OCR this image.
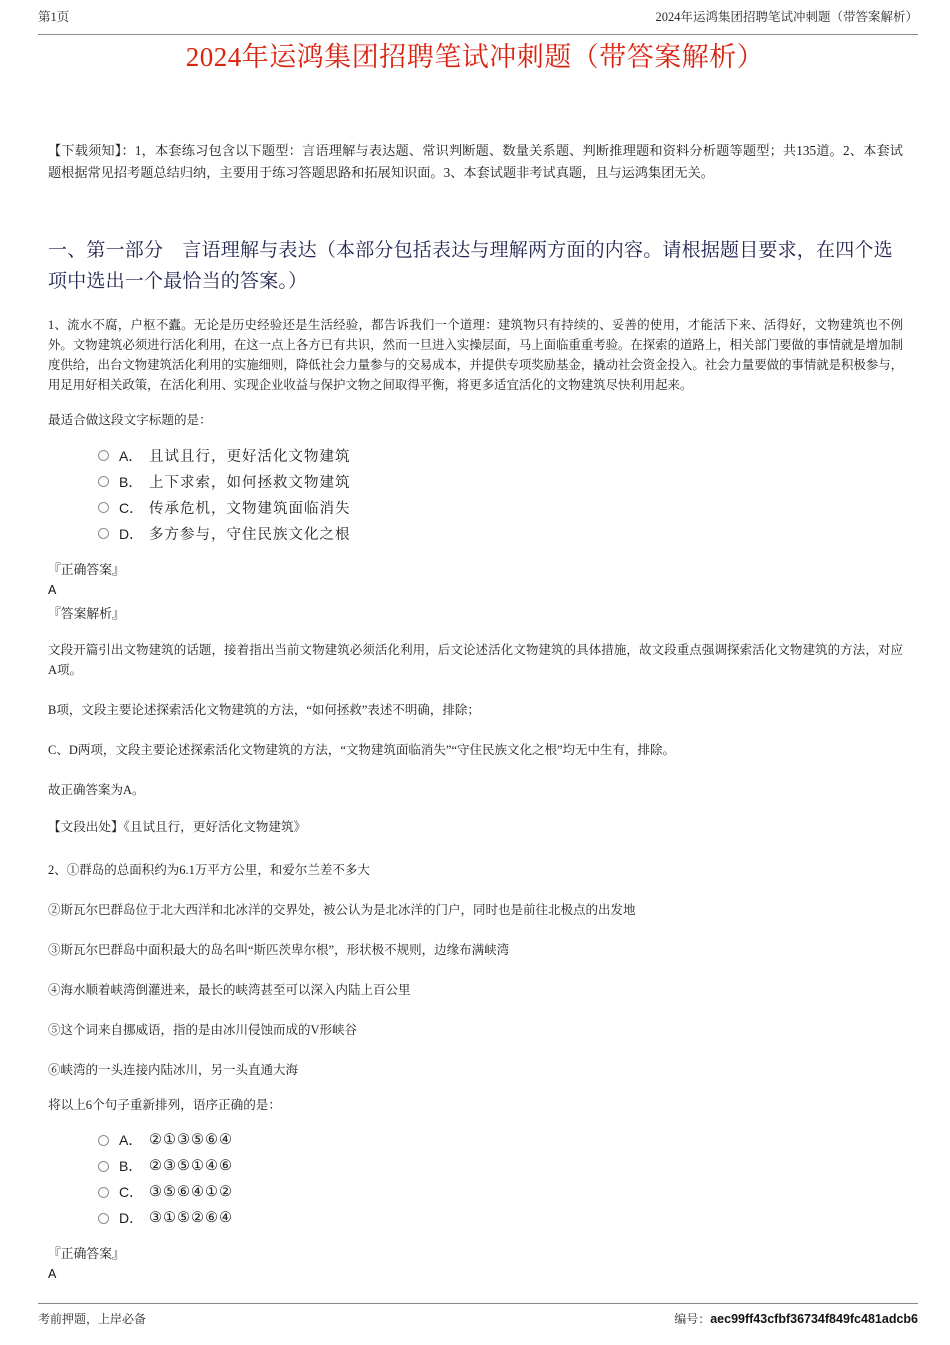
第1页	2024年运鸿集团招聘笔试冲刺题（带答案解析）
2024年运鸿集团招聘笔试冲刺题（带答案解析）

【下载须知】：1，本套练习包含以下题型：言语理解与表达题、常识判断题、数量关系题、判断推理题和资料分析题等题型；共135道。2、本套试题根据常见招考题总结归纳，主要用于练习答题思路和拓展知识面。3、本套试题非考试真题，且与运鸿集团无关。

一、第一部分　言语理解与表达（本部分包括表达与理解两方面的内容。请根据题目要求，在四个选项中选出一个最恰当的答案。）

1、流水不腐，户枢不蠹。无论是历史经验还是生活经验，都告诉我们一个道理：建筑物只有持续的、妥善的使用，才能活下来、活得好，文物建筑也不例外。文物建筑必须进行活化利用，在这一点上各方已有共识，然而一旦进入实操层面，马上面临重重考验。在探索的道路上，相关部门要做的事情就是增加制度供给，出台文物建筑活化利用的实施细则，降低社会力量参与的交易成本，并提供专项奖励基金，撬动社会资金投入。社会力量要做的事情就是积极参与，用足用好相关政策，在活化利用、实现企业收益与保护文物之间取得平衡，将更多适宜活化的文物建筑尽快利用起来。

最适合做这段文字标题的是：

A． 且试且行，更好活化文物建筑
B． 上下求索，如何拯救文物建筑
C． 传承危机，文物建筑面临消失
D． 多方参与，守住民族文化之根
『正确答案』
A
『答案解析』

文段开篇引出文物建筑的话题，接着指出当前文物建筑必须活化利用，后文论述活化文物建筑的具体措施，故文段重点强调探索活化文物建筑的方法，对应A项。

B项，文段主要论述探索活化文物建筑的方法，“如何拯救”表述不明确，排除；

C、D两项，文段主要论述探索活化文物建筑的方法，“文物建筑面临消失”“守住民族文化之根”均无中生有，排除。

故正确答案为A。

【文段出处】《且试且行，更好活化文物建筑》

2、①群岛的总面积约为6.1万平方公里，和爱尔兰差不多大

②斯瓦尔巴群岛位于北大西洋和北冰洋的交界处，被公认为是北冰洋的门户，同时也是前往北极点的出发地

③斯瓦尔巴群岛中面积最大的岛名叫“斯匹茨卑尔根”，形状极不规则，边缘布满峡湾

④海水顺着峡湾倒灌进来，最长的峡湾甚至可以深入内陆上百公里

⑤这个词来自挪威语，指的是由冰川侵蚀而成的V形峡谷

⑥峡湾的一头连接内陆冰川，另一头直通大海

将以上6个句子重新排列，语序正确的是：

A． ②①③⑤⑥④
B． ②③⑤①④⑥
C． ③⑤⑥④①②
D． ③①⑤②⑥④
『正确答案』
A
考前押题，上岸必备	编号：aec99ff43cfbf36734f849fc481adcb6
